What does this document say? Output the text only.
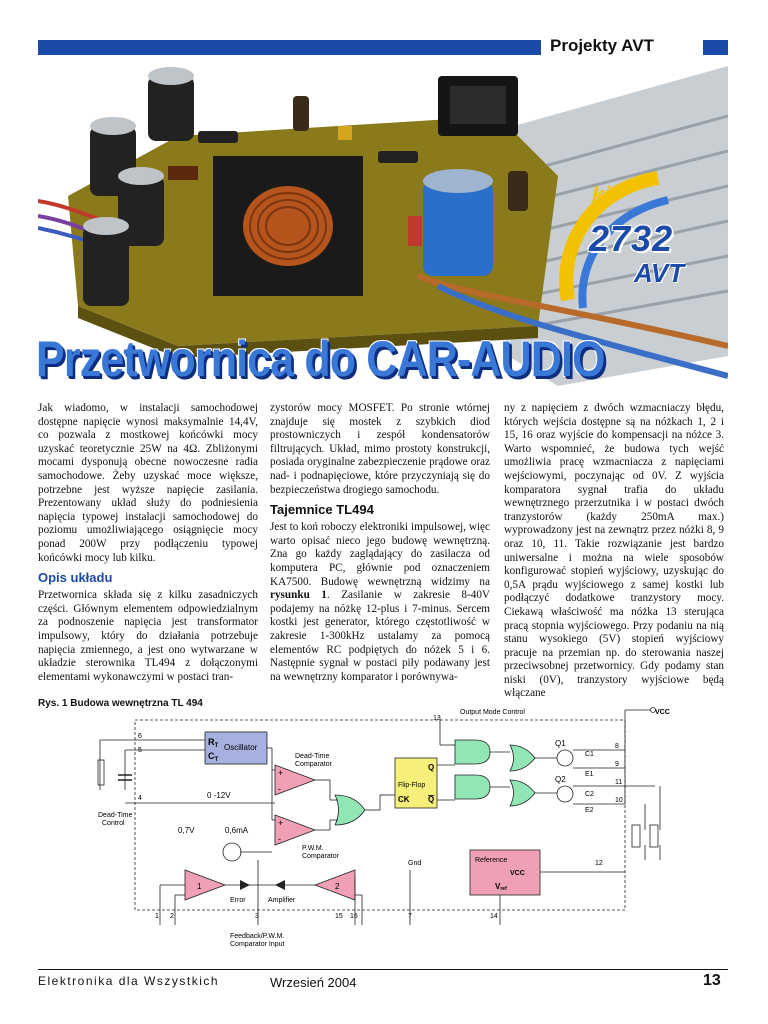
Projekty AVT
kit
2732
AVT
Przetwornica do CAR-AUDIO

Jak wiadomo, w instalacji samochodowej dostępne napięcie wynosi maksymalnie 14,4V, co pozwala z mostkowej końcówki mocy uzyskać teoretycznie 25W na 4Ω. Zbliżonymi mocami dysponują obecne nowoczesne radia samochodowe. Żeby uzyskać moce większe, potrzebne jest wyższe napięcie zasilania. Prezentowany układ służy do podniesienia napięcia typowej instalacji samochodowej do poziomu umożliwiającego osiągnięcie mocy ponad 200W przy podłączeniu typowej końcówki mocy lub kilku.

Opis układu

Przetwornica składa się z kilku zasadniczych części. Głównym elementem odpowiedzialnym za podnoszenie napięcia jest transformator impulsowy, który do działania potrzebuje napięcia zmiennego, a jest ono wytwarzane w układzie sterownika TL494 z dołączonymi elementami wykonawczymi w postaci tran-

zystorów mocy MOSFET. Po stronie wtórnej znajduje się mostek z szybkich diod prostowniczych i zespół kondensatorów filtrujących. Układ, mimo prostoty konstrukcji, posiada oryginalne zabezpieczenie prądowe oraz nad- i podnapięciowe, które przyczyniają się do bezpieczeństwa drogiego samochodu.

Tajemnice TL494

Jest to koń roboczy elektroniki impulsowej, więc warto opisać nieco jego budowę wewnętrzną. Zna go każdy zaglądający do zasilacza od komputera PC, głównie pod oznaczeniem KA7500. Budowę wewnętrzną widzimy na rysunku 1. Zasilanie w zakresie 8-40V podajemy na nóżkę 12-plus i 7-minus. Sercem kostki jest generator, którego częstotliwość w zakresie 1-300kHz ustalamy za pomocą elementów RC podpiętych do nóżek 5 i 6. Następnie sygnał w postaci piły podawany jest na wewnętrzny komparator i porównywa-

ny z napięciem z dwóch wzmacniaczy błędu, których wejścia dostępne są na nóżkach 1, 2 i 15, 16 oraz wyjście do kompensacji na nóżce 3. Warto wspomnieć, że budowa tych wejść umożliwia pracę wzmacniacza z napięciami wejściowymi, poczynając od 0V. Z wyjścia komparatora sygnał trafia do układu wewnętrznego przerzutnika i w postaci dwóch tranzystorów (każdy 250mA max.) wyprowadzony jest na zewnątrz przez nóżki 8, 9 oraz 10, 11. Takie rozwiązanie jest bardzo uniwersalne i można na wiele sposobów konfigurować stopień wyjściowy, uzyskując do 0,5A prądu wyjściowego z samej kostki lub podłączyć dodatkowe tranzystory mocy. Ciekawą właściwość ma nóżka 13 sterująca pracą stopnia wyjściowego. Przy podaniu na nią stanu wysokiego (5V) stopień wyjściowy pracuje na przemian np. do sterowania naszej przeciwsobnej przetwornicy. Gdy podamy stan niski (0V), tranzystory wyjściowe będą włączane

Rys. 1 Budowa wewnętrzna TL 494
$R_T$
$C_T$
Oscillator
+
-
Dead-Time
Comparator
+
-
P.W.M.
Comparator
0 -12V
0,7V	0,6mA
Flip-Flop
Q
CK Q
Q1
Q2
C1
E1
C2
E2
Reference
VCC
Vref
Gnd
1	2
Error	Amplifier
Output Mode Control	VCC
Dead-Time
Control
Feedback/P.W.M.
Comparator Input
6
5
4
13
8
9
11
10
12
1 2	3	15 16	7	14
Elektronika dla Wszystkich	Wrzesień 2004	13
